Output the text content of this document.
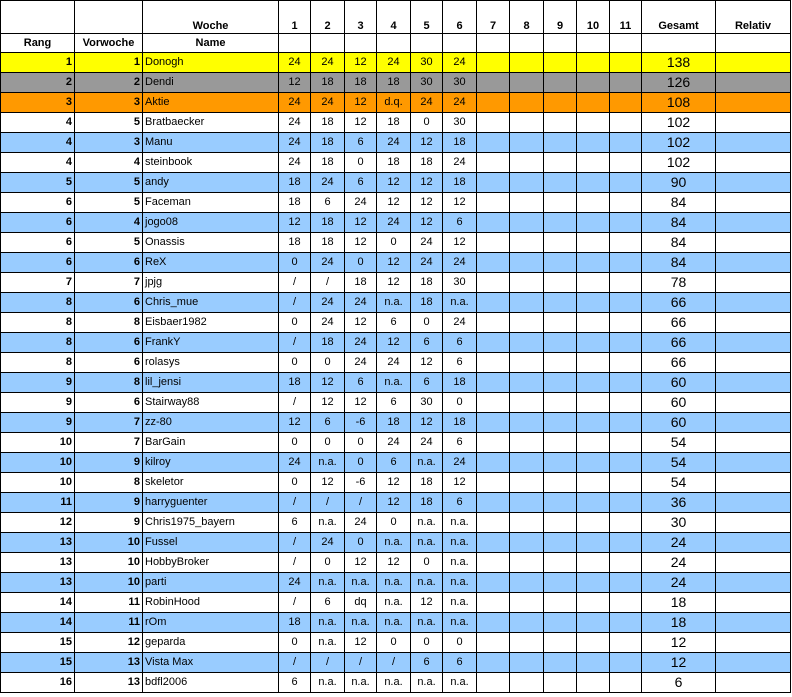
		Woche	1	2	3	4	5	6	7	8	9	10	11	Gesamt	Relativ
Rang	Vorwoche	Name													
1	1	Donogh	24	24	12	24	30	24						138	
2	2	Dendi	12	18	18	18	30	30						126	
3	3	Aktie	24	24	12	d.q.	24	24						108	
4	5	Bratbaecker	24	18	12	18	0	30						102	
4	3	Manu	24	18	6	24	12	18						102	
4	4	steinbook	24	18	0	18	18	24						102	
5	5	andy	18	24	6	12	12	18						90	
6	5	Faceman	18	6	24	12	12	12						84	
6	4	jogo08	12	18	12	24	12	6						84	
6	5	Onassis	18	18	12	0	24	12						84	
6	6	ReX	0	24	0	12	24	24						84	
7	7	jpjg	/	/	18	12	18	30						78	
8	6	Chris_mue	/	24	24	n.a.	18	n.a.						66	
8	8	Eisbaer1982	0	24	12	6	0	24						66	
8	6	FrankY	/	18	24	12	6	6						66	
8	6	rolasys	0	0	24	24	12	6						66	
9	8	lil_jensi	18	12	6	n.a.	6	18						60	
9	6	Stairway88	/	12	12	6	30	0						60	
9	7	zz-80	12	6	-6	18	12	18						60	
10	7	BarGain	0	0	0	24	24	6						54	
10	9	kilroy	24	n.a.	0	6	n.a.	24						54	
10	8	skeletor	0	12	-6	12	18	12						54	
11	9	harryguenter	/	/	/	12	18	6						36	
12	9	Chris1975_bayern	6	n.a.	24	0	n.a.	n.a.						30	
13	10	Fussel	/	24	0	n.a.	n.a.	n.a.						24	
13	10	HobbyBroker	/	0	12	12	0	n.a.						24	
13	10	parti	24	n.a.	n.a.	n.a.	n.a.	n.a.						24	
14	11	RobinHood	/	6	dq	n.a.	12	n.a.						18	
14	11	rOm	18	n.a.	n.a.	n.a.	n.a.	n.a.						18	
15	12	geparda	0	n.a.	12	0	0	0						12	
15	13	Vista Max	/	/	/	/	6	6						12	
16	13	bdfl2006	6	n.a.	n.a.	n.a.	n.a.	n.a.						6	
